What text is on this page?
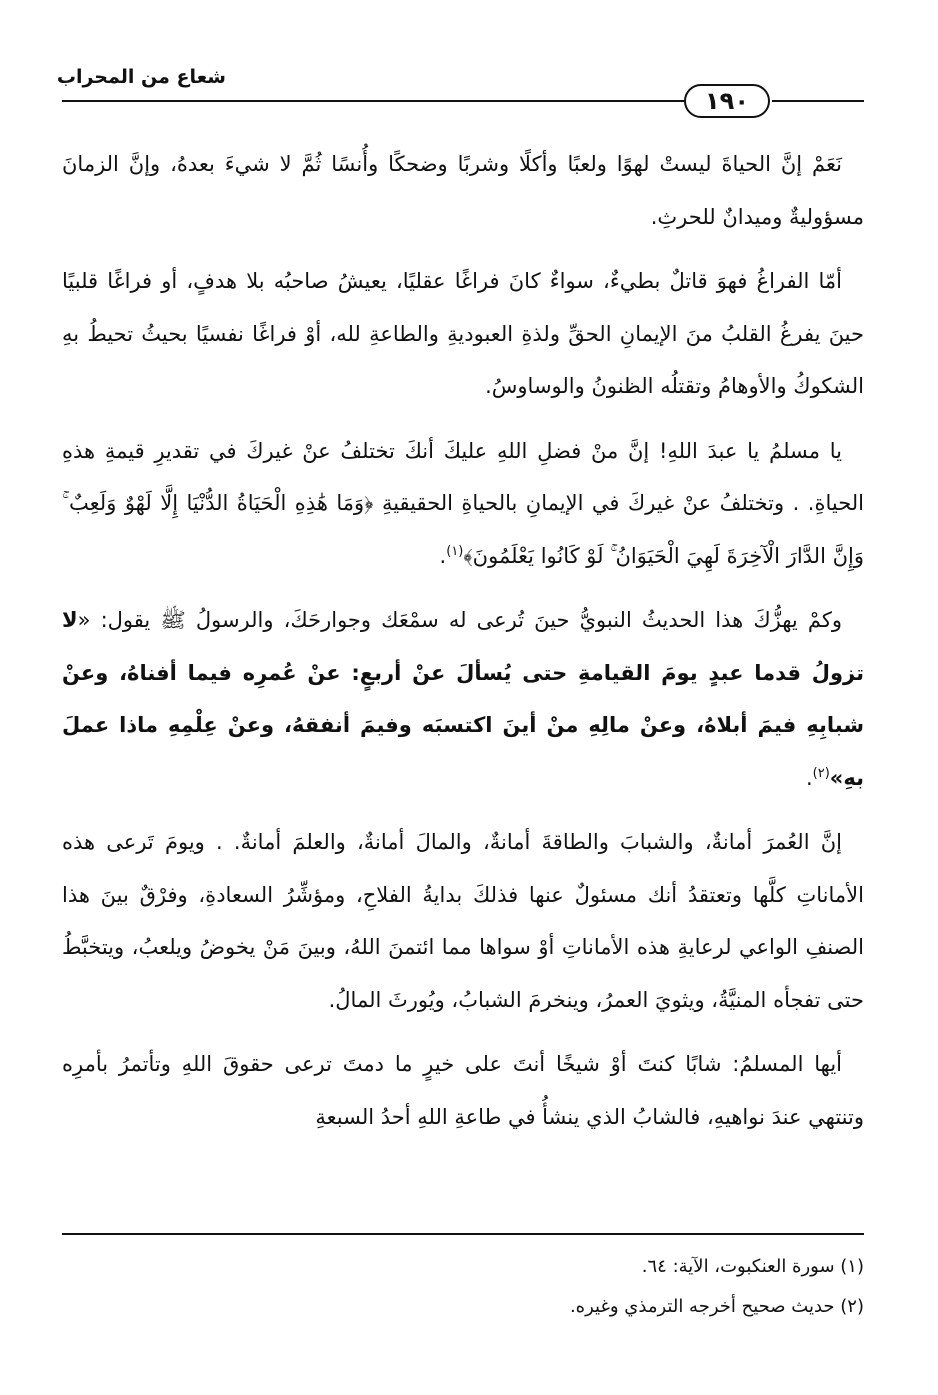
شعاع من المحراب
١٩٠

نَعَمْ إنَّ الحياةَ ليستْ لهوًا ولعبًا وأكلًا وشربًا وضحكًا وأُنسًا ثُمَّ لا شيءَ بعدهُ، وإنَّ الزمانَ مسؤوليةٌ وميدانٌ للحرثِ.

أمّا الفراغُ فهوَ قاتلٌ بطيءٌ، سواءٌ كانَ فراغًا عقليًا، يعيشُ صاحبُه بلا هدفٍ، أو فراغًا قلبيًا حينَ يفرغُ القلبُ منَ الإيمانِ الحقِّ ولذةِ العبوديةِ والطاعةِ لله، أوْ فراغًا نفسيًا بحيثُ تحيطُ بهِ الشكوكُ والأوهامُ وتقتلُه الظنونُ والوساوسُ.

يا مسلمُ يا عبدَ اللهِ! إنَّ منْ فضلِ اللهِ عليكَ أنكَ تختلفُ عنْ غيركَ في تقديرِ قيمةِ هذهِ الحياةِ. . وتختلفُ عنْ غيركَ في الإيمانِ بالحياةِ الحقيقيةِ ﴿وَمَا هَٰذِهِ الْحَيَاةُ الدُّنْيَا إِلَّا لَهْوٌ وَلَعِبٌ ۚ وَإِنَّ الدَّارَ الْآخِرَةَ لَهِيَ الْحَيَوَانُ ۚ لَوْ كَانُوا يَعْلَمُونَ﴾$^{(١)}$.

وكمْ يهزُّكَ هذا الحديثُ النبويُّ حينَ تُرعى له سمْعَك وجوارحَكَ، والرسولُ ﷺ يقول: «لا تزولُ قدما عبدٍ يومَ القيامةِ حتى يُسألَ عنْ أربعٍ: عنْ عُمرِه فيما أفناهُ، وعنْ شبابِهِ فيمَ أبلاهُ، وعنْ مالِهِ منْ أينَ اكتسبَه وفيمَ أنفقهُ، وعنْ عِلْمِهِ ماذا عملَ بهِ»$^{(٢)}$.

إنَّ العُمرَ أمانةٌ، والشبابَ والطاقةَ أمانةٌ، والمالَ أمانةٌ، والعلمَ أمانةٌ. . ويومَ تَرعى هذه الأماناتِ كلَّها وتعتقدُ أنك مسئولٌ عنها فذلكَ بدايةُ الفلاحِ، ومؤشِّرُ السعادةِ، وفرْقٌ بينَ هذا الصنفِ الواعي لرعايةِ هذه الأماناتِ أوْ سواها مما ائتمنَ اللهُ، وبينَ مَنْ يخوضُ ويلعبُ، ويتخبَّطُ حتى تفجأه المنيَّةُ، ويثويَ العمرُ، وينخرمَ الشبابُ، ويُورثَ المالُ.

أيها المسلمُ: شابًا كنتَ أوْ شيخًا أنتَ على خيرٍ ما دمتَ ترعى حقوقَ اللهِ وتأتمرُ بأمرِه وتنتهي عندَ نواهيهِ، فالشابُ الذي ينشأُ في طاعةِ اللهِ أحدُ السبعةِ

(١) سورة العنكبوت، الآية: ٦٤.
(٢) حديث صحيح أخرجه الترمذي وغيره.
